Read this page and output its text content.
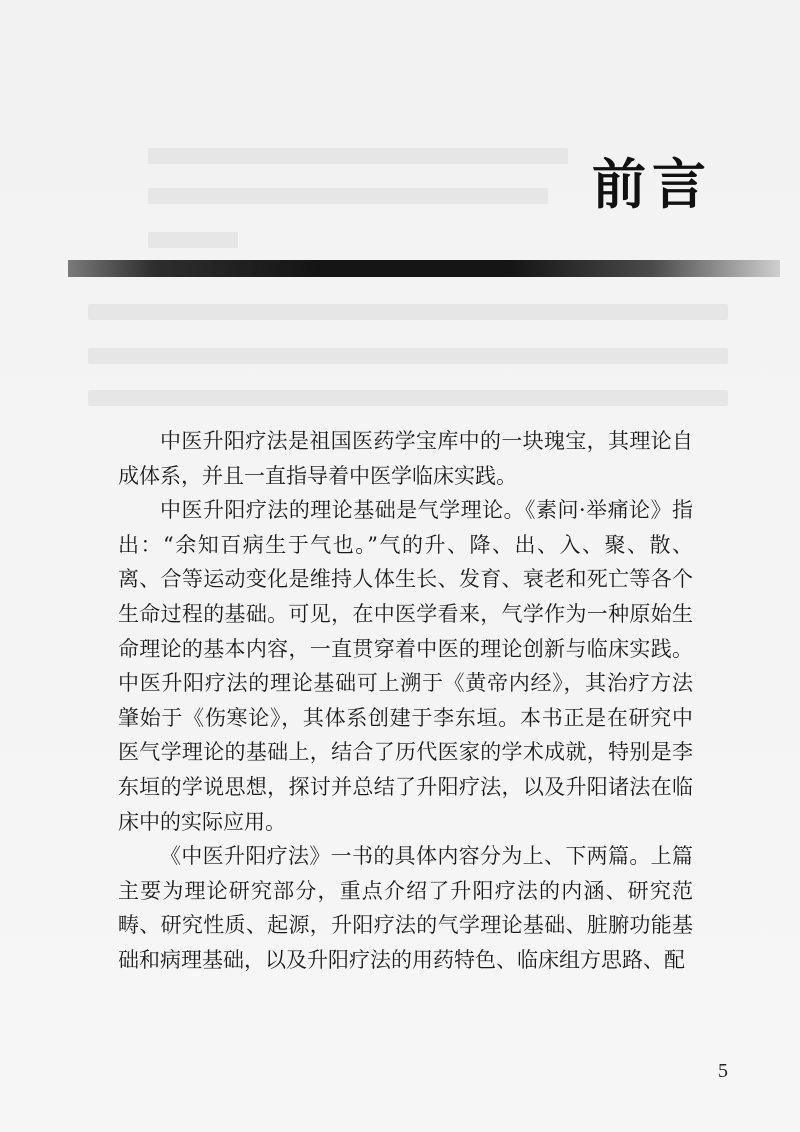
前言

中医升阳疗法是祖国医药学宝库中的一块瑰宝，其理论自成体系，并且一直指导着中医学临床实践。

中医升阳疗法的理论基础是气学理论。《素问·举痛论》指出：“余知百病生于气也。”气的升、降、出、入、聚、散、离、合等运动变化是维持人体生长、发育、衰老和死亡等各个生命过程的基础。可见，在中医学看来，气学作为一种原始生命理论的基本内容，一直贯穿着中医的理论创新与临床实践。中医升阳疗法的理论基础可上溯于《黄帝内经》，其治疗方法肇始于《伤寒论》，其体系创建于李东垣。本书正是在研究中医气学理论的基础上，结合了历代医家的学术成就，特别是李东垣的学说思想，探讨并总结了升阳疗法，以及升阳诸法在临床中的实际应用。

《中医升阳疗法》一书的具体内容分为上、下两篇。上篇主要为理论研究部分，重点介绍了升阳疗法的内涵、研究范畴、研究性质、起源，升阳疗法的气学理论基础、脏腑功能基础和病理基础，以及升阳疗法的用药特色、临床组方思路、配

5
